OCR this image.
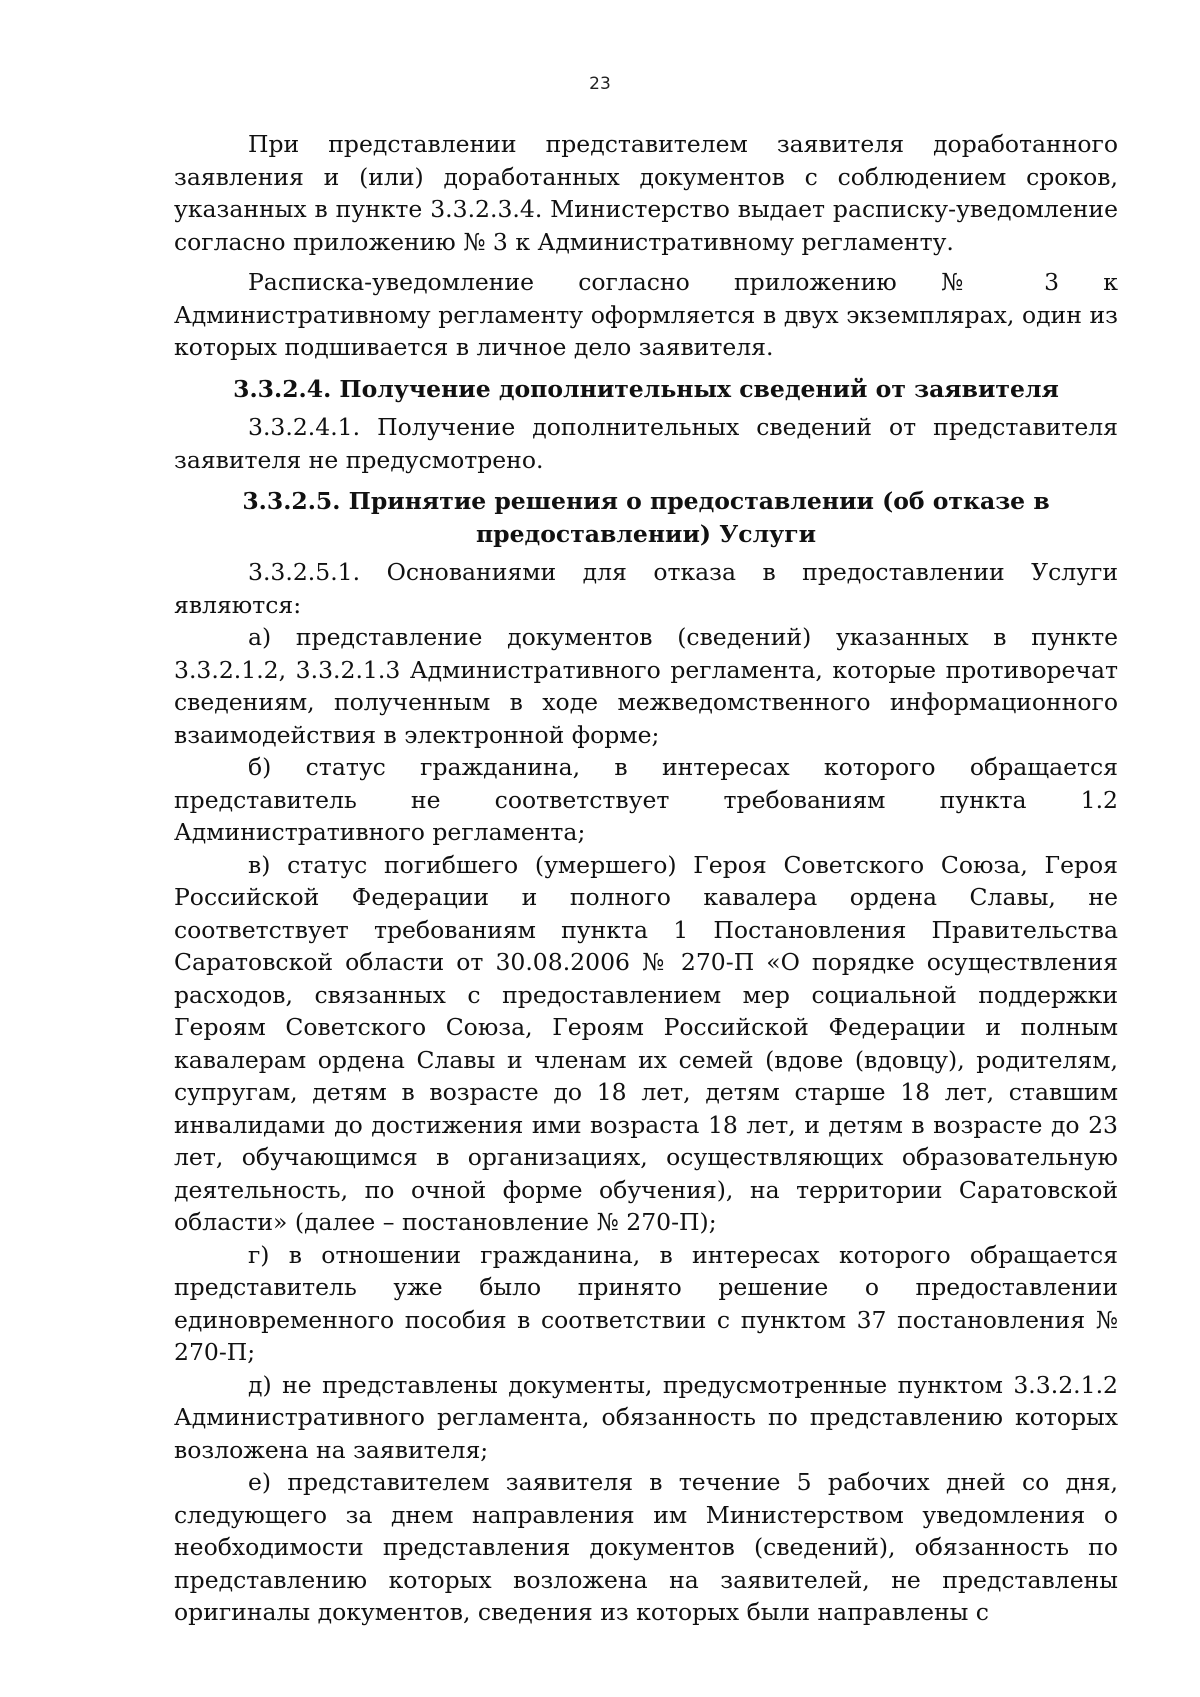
23

При представлении представителем заявителя доработанного заявления и (или) доработанных документов с соблюдением сроков, указанных в пункте 3.3.2.3.4. Министерство выдает расписку-уведомление согласно приложению № 3 к Административному регламенту.

Расписка-уведомление согласно приложению № 3 к Административному регламенту оформляется в двух экземплярах, один из которых подшивается в личное дело заявителя.

3.3.2.4. Получение дополнительных сведений от заявителя

3.3.2.4.1. Получение дополнительных сведений от представителя заявителя не предусмотрено.

3.3.2.5. Принятие решения о предоставлении (об отказе в предоставлении) Услуги

3.3.2.5.1. Основаниями для отказа в предоставлении Услуги являются:

а) представление документов (сведений) указанных в пункте 3.3.2.1.2, 3.3.2.1.3 Административного регламента, которые противоречат сведениям, полученным в ходе межведомственного информационного взаимодействия в электронной форме;

б) статус гражданина, в интересах которого обращается представитель не соответствует требованиям пункта 1.2 Административного регламента;

в) статус погибшего (умершего) Героя Советского Союза, Героя Российской Федерации и полного кавалера ордена Славы, не соответствует требованиям пункта 1 Постановления Правительства Саратовской области от 30.08.2006 № 270-П «О порядке осуществления расходов, связанных с предоставлением мер социальной поддержки Героям Советского Союза, Героям Российской Федерации и полным кавалерам ордена Славы и членам их семей (вдове (вдовцу), родителям, супругам, детям в возрасте до 18 лет, детям старше 18 лет, ставшим инвалидами до достижения ими возраста 18 лет, и детям в возрасте до 23 лет, обучающимся в организациях, осуществляющих образовательную деятельность, по очной форме обучения), на территории Саратовской области» (далее – постановление № 270-П);

г) в отношении гражданина, в интересах которого обращается представитель уже было принято решение о предоставлении единовременного пособия в соответствии с пунктом 37 постановления № 270-П;

д) не представлены документы, предусмотренные пунктом 3.3.2.1.2 Административного регламента, обязанность по представлению которых возложена на заявителя;

е) представителем заявителя в течение 5 рабочих дней со дня, следующего за днем направления им Министерством уведомления о необходимости представления документов (сведений), обязанность по представлению которых возложена на заявителей, не представлены оригиналы документов, сведения из которых были направлены с
